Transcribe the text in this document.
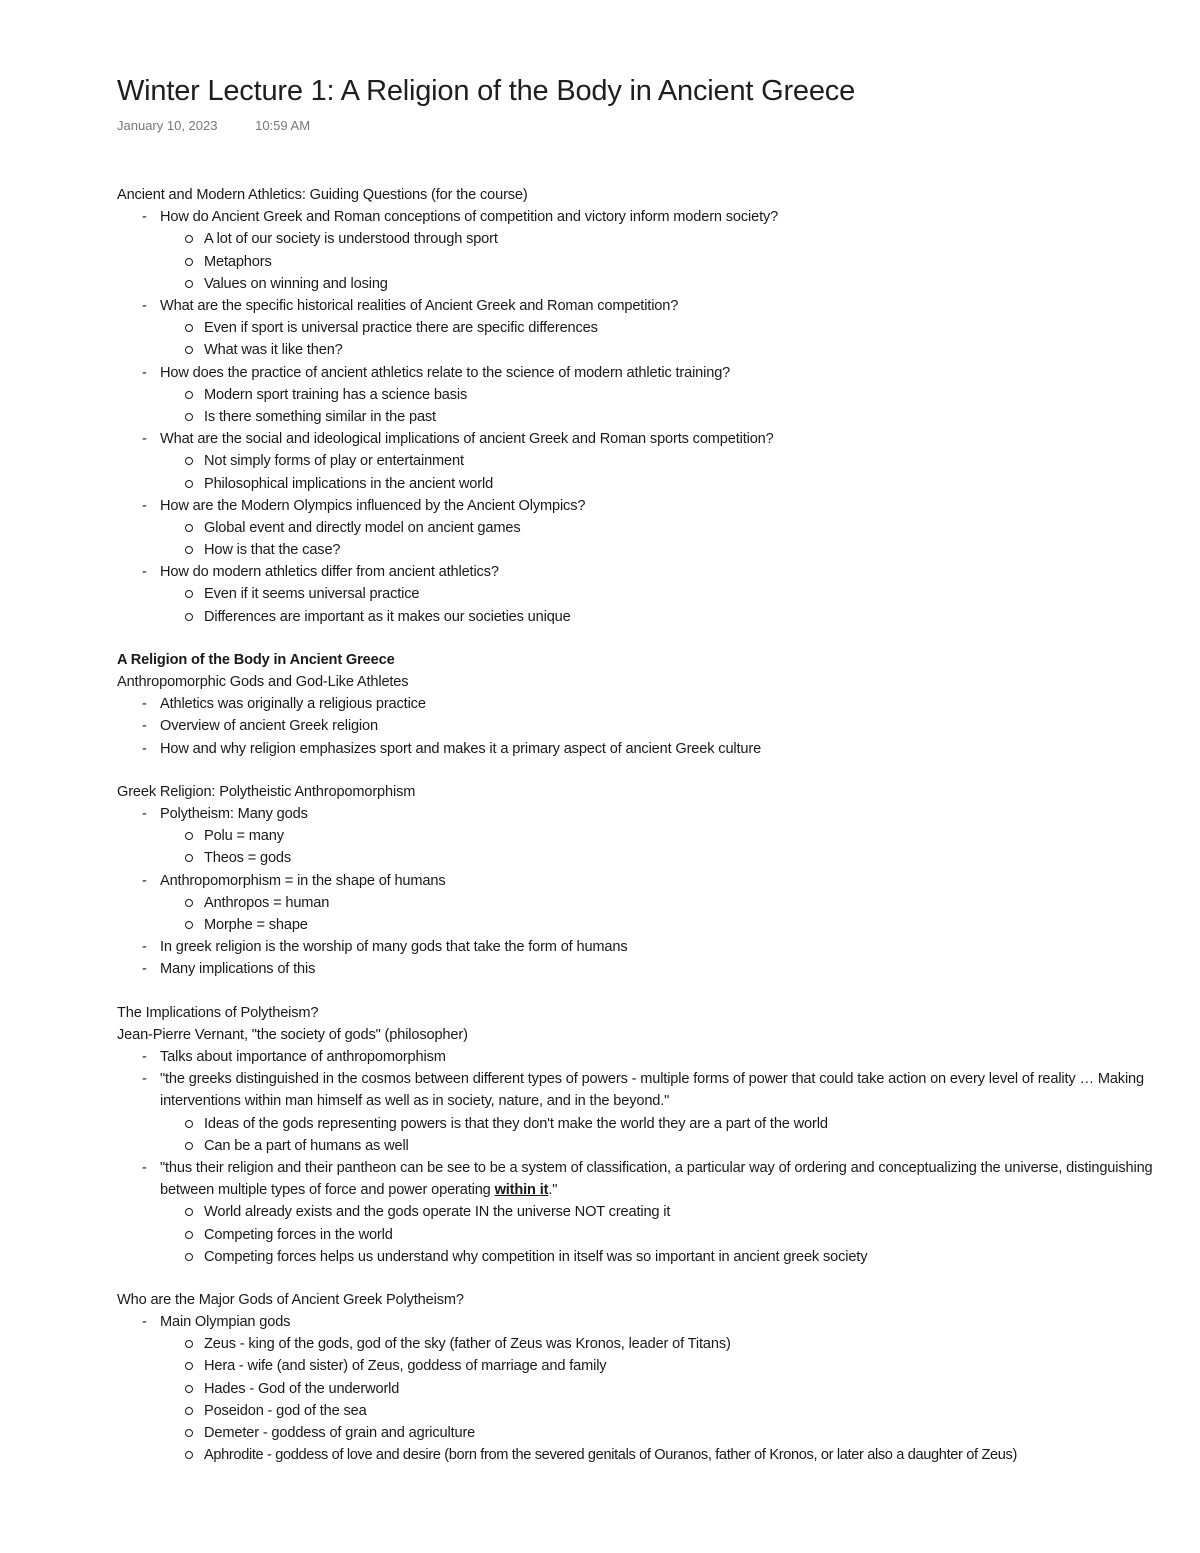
Winter Lecture 1: A Religion of the Body in Ancient Greece
January 10, 2023	10:59 AM
Ancient and Modern Athletics: Guiding Questions (for the course)
- How do Ancient Greek and Roman conceptions of competition and victory inform modern society?
A lot of our society is understood through sport
Metaphors
Values on winning and losing
- What are the specific historical realities of Ancient Greek and Roman competition?
Even if sport is universal practice there are specific differences
What was it like then?
- How does the practice of ancient athletics relate to the science of modern athletic training?
Modern sport training has a science basis
Is there something similar in the past
- What are the social and ideological implications of ancient Greek and Roman sports competition?
Not simply forms of play or entertainment
Philosophical implications in the ancient world
- How are the Modern Olympics influenced by the Ancient Olympics?
Global event and directly model on ancient games
How is that the case?
- How do modern athletics differ from ancient athletics?
Even if it seems universal practice
Differences are important as it makes our societies unique
A Religion of the Body in Ancient Greece
Anthropomorphic Gods and God-Like Athletes
- Athletics was originally a religious practice
- Overview of ancient Greek religion
- How and why religion emphasizes sport and makes it a primary aspect of ancient Greek culture
Greek Religion: Polytheistic Anthropomorphism
- Polytheism: Many gods
Polu = many
Theos = gods
- Anthropomorphism = in the shape of humans
Anthropos = human
Morphe = shape
- In greek religion is the worship of many gods that take the form of humans
- Many implications of this
The Implications of Polytheism?
Jean-Pierre Vernant, "the society of gods" (philosopher)
- Talks about importance of anthropomorphism
- "the greeks distinguished in the cosmos between different types of powers - multiple forms of power that could take action on every level of reality … Making interventions within man himself as well as in society, nature, and in the beyond."
Ideas of the gods representing powers is that they don't make the world they are a part of the world
Can be a part of humans as well
- "thus their religion and their pantheon can be see to be a system of classification, a particular way of ordering and conceptualizing the universe, distinguishing between multiple types of force and power operating within it."
World already exists and the gods operate IN the universe NOT creating it
Competing forces in the world
Competing forces helps us understand why competition in itself was so important in ancient greek society
Who are the Major Gods of Ancient Greek Polytheism?
- Main Olympian gods
Zeus - king of the gods, god of the sky (father of Zeus was Kronos, leader of Titans)
Hera - wife (and sister) of Zeus, goddess of marriage and family
Hades - God of the underworld
Poseidon - god of the sea
Demeter - goddess of grain and agriculture
Aphrodite - goddess of love and desire (born from the severed genitals of Ouranos, father of Kronos, or later also a daughter of Zeus)
